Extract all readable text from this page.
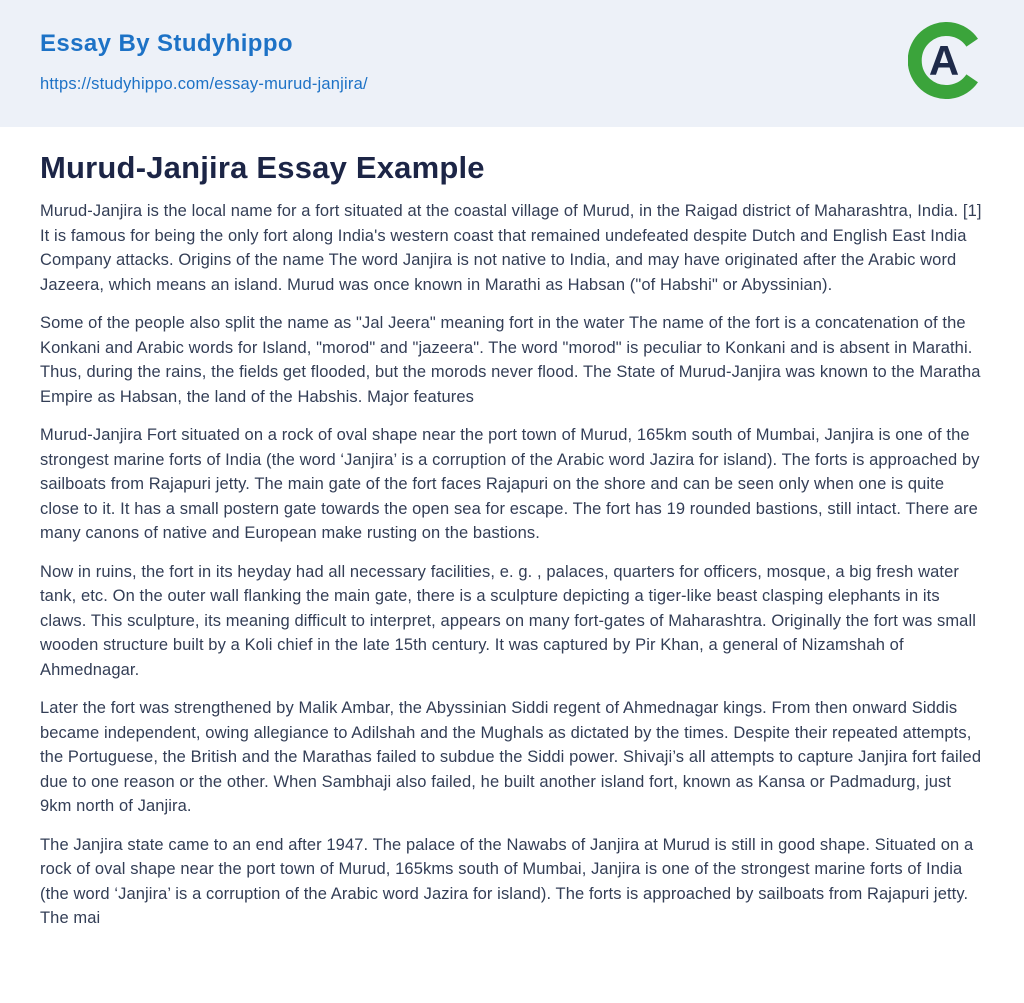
Essay By Studyhippo
https://studyhippo.com/essay-murud-janjira/	A
Murud-Janjira Essay Example

Murud-Janjira is the local name for a fort situated at the coastal village of Murud, in the Raigad district of Maharashtra, India. [1] It is famous for being the only fort along India's western coast that remained undefeated despite Dutch and English East India Company attacks. Origins of the name The word Janjira is not native to India, and may have originated after the Arabic word Jazeera, which means an island. Murud was once known in Marathi as Habsan ("of Habshi" or Abyssinian).

Some of the people also split the name as "Jal Jeera" meaning fort in the water The name of the fort is a concatenation of the Konkani and Arabic words for Island, "morod" and "jazeera". The word "morod" is peculiar to Konkani and is absent in Marathi. Thus, during the rains, the fields get flooded, but the morods never flood. The State of Murud-Janjira was known to the Maratha Empire as Habsan, the land of the Habshis. Major features

Murud-Janjira Fort situated on a rock of oval shape near the port town of Murud, 165km south of Mumbai, Janjira is one of the strongest marine forts of India (the word ‘Janjira’ is a corruption of the Arabic word Jazira for island). The forts is approached by sailboats from Rajapuri jetty. The main gate of the fort faces Rajapuri on the shore and can be seen only when one is quite close to it. It has a small postern gate towards the open sea for escape. The fort has 19 rounded bastions, still intact. There are many canons of native and European make rusting on the bastions.

Now in ruins, the fort in its heyday had all necessary facilities, e. g. , palaces, quarters for officers, mosque, a big fresh water tank, etc. On the outer wall flanking the main gate, there is a sculpture depicting a tiger-like beast clasping elephants in its claws. This sculpture, its meaning difficult to interpret, appears on many fort-gates of Maharashtra. Originally the fort was small wooden structure built by a Koli chief in the late 15th century. It was captured by Pir Khan, a general of Nizamshah of Ahmednagar.

Later the fort was strengthened by Malik Ambar, the Abyssinian Siddi regent of Ahmednagar kings. From then onward Siddis became independent, owing allegiance to Adilshah and the Mughals as dictated by the times. Despite their repeated attempts, the Portuguese, the British and the Marathas failed to subdue the Siddi power. Shivaji’s all attempts to capture Janjira fort failed due to one reason or the other. When Sambhaji also failed, he built another island fort, known as Kansa or Padmadurg, just 9km north of Janjira.

The Janjira state came to an end after 1947. The palace of the Nawabs of Janjira at Murud is still in good shape. Situated on a rock of oval shape near the port town of Murud, 165kms south of Mumbai, Janjira is one of the strongest marine forts of India (the word ‘Janjira’ is a corruption of the Arabic word Jazira for island). The forts is approached by sailboats from Rajapuri jetty. The mai
